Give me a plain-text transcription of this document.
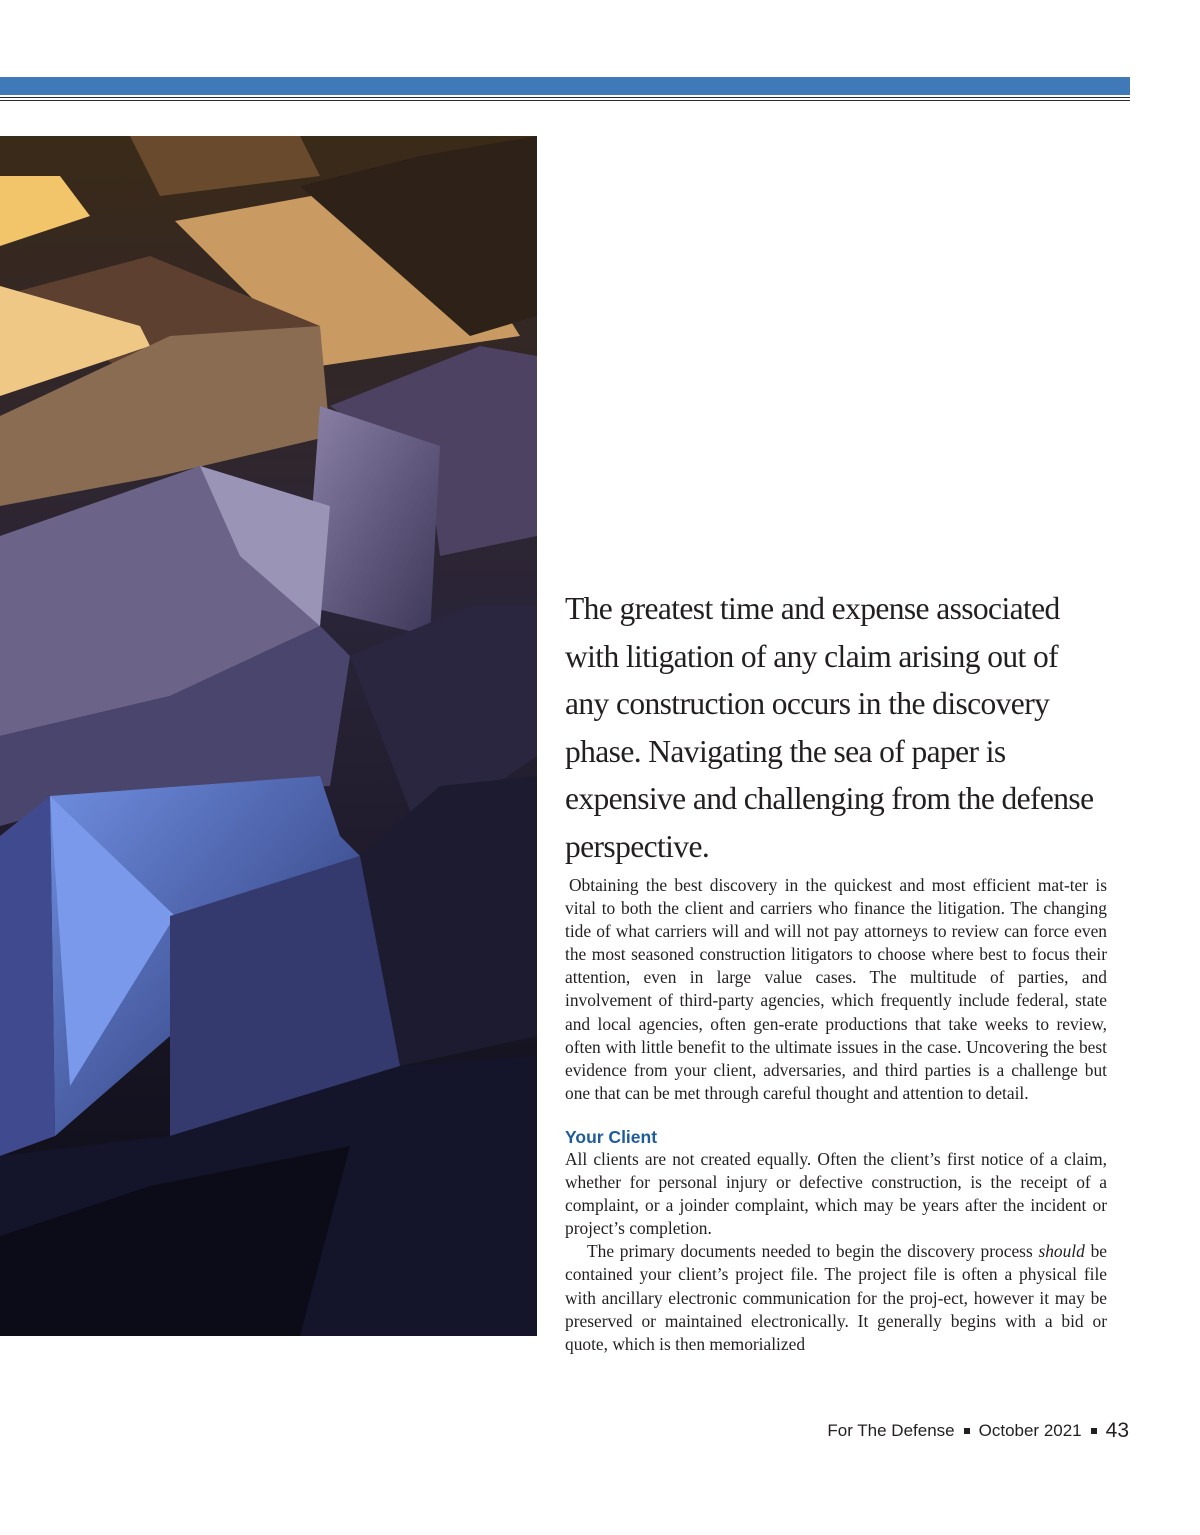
The greatest time and expense associated with litigation of any claim arising out of any construction occurs in the discovery phase. Navigating the sea of paper is expensive and challenging from the defense perspective.

Obtaining the best discovery in the quickest and most efficient mat-ter is vital to both the client and carriers who finance the litigation. The changing tide of what carriers will and will not pay attorneys to review can force even the most seasoned construction litigators to choose where best to focus their attention, even in large value cases. The multitude of parties, and involvement of third-party agencies, which frequently include federal, state and local agencies, often gen-erate productions that take weeks to review, often with little benefit to the ultimate issues in the case. Uncovering the best evidence from your client, adversaries, and third parties is a challenge but one that can be met through careful thought and attention to detail.

Your Client

All clients are not created equally. Often the client’s first notice of a claim, whether for personal injury or defective construction, is the receipt of a complaint, or a joinder complaint, which may be years after the incident or project’s completion.

The primary documents needed to begin the discovery process should be contained your client’s project file. The project file is often a physical file with ancillary electronic communication for the proj-ect, however it may be preserved or maintained electronically. It generally begins with a bid or quote, which is then memorialized

For The Defense October 2021 43
